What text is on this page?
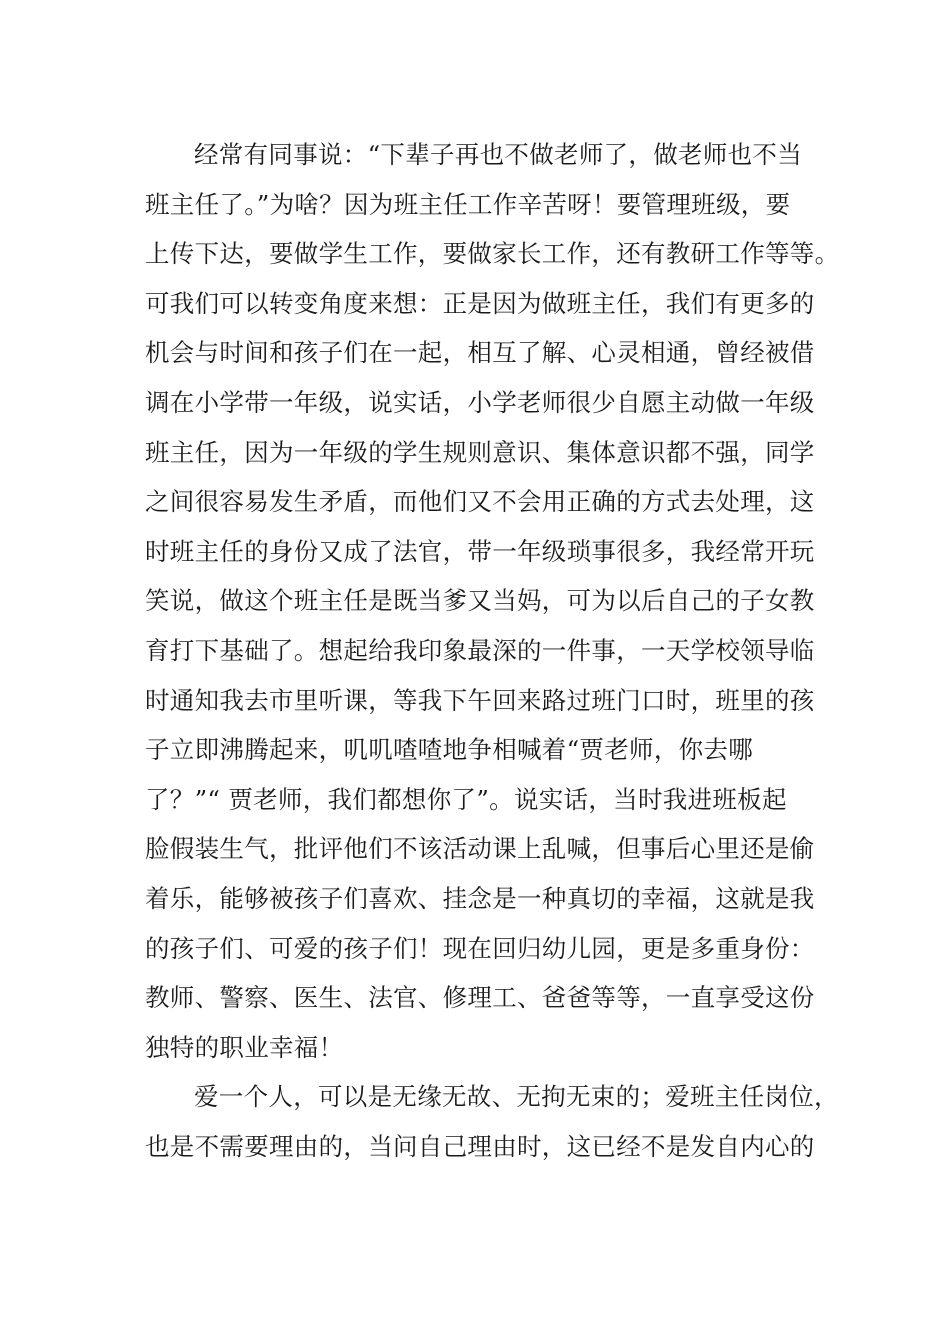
经常有同事说：“下辈子再也不做老师了，做老师也不当
班主任了。”为啥？因为班主任工作辛苦呀！要管理班级，要
上传下达，要做学生工作，要做家长工作，还有教研工作等等。
可我们可以转变角度来想：正是因为做班主任，我们有更多的
机会与时间和孩子们在一起，相互了解、心灵相通，曾经被借
调在小学带一年级，说实话，小学老师很少自愿主动做一年级
班主任，因为一年级的学生规则意识、集体意识都不强，同学
之间很容易发生矛盾，而他们又不会用正确的方式去处理，这
时班主任的身份又成了法官，带一年级琐事很多，我经常开玩
笑说，做这个班主任是既当爹又当妈，可为以后自己的子女教
育打下基础了。想起给我印象最深的一件事，一天学校领导临
时通知我去市里听课，等我下午回来路过班门口时，班里的孩
子立即沸腾起来，叽叽喳喳地争相喊着“贾老师，你去哪
了？”“ 贾老师，我们都想你了”。说实话，当时我进班板起
脸假装生气，批评他们不该活动课上乱喊，但事后心里还是偷
着乐，能够被孩子们喜欢、挂念是一种真切的幸福，这就是我
的孩子们、可爱的孩子们！现在回归幼儿园，更是多重身份：
教师、警察、医生、法官、修理工、爸爸等等，一直享受这份
独特的职业幸福！
爱一个人，可以是无缘无故、无拘无束的；爱班主任岗位，
也是不需要理由的，当问自己理由时，这已经不是发自内心的
